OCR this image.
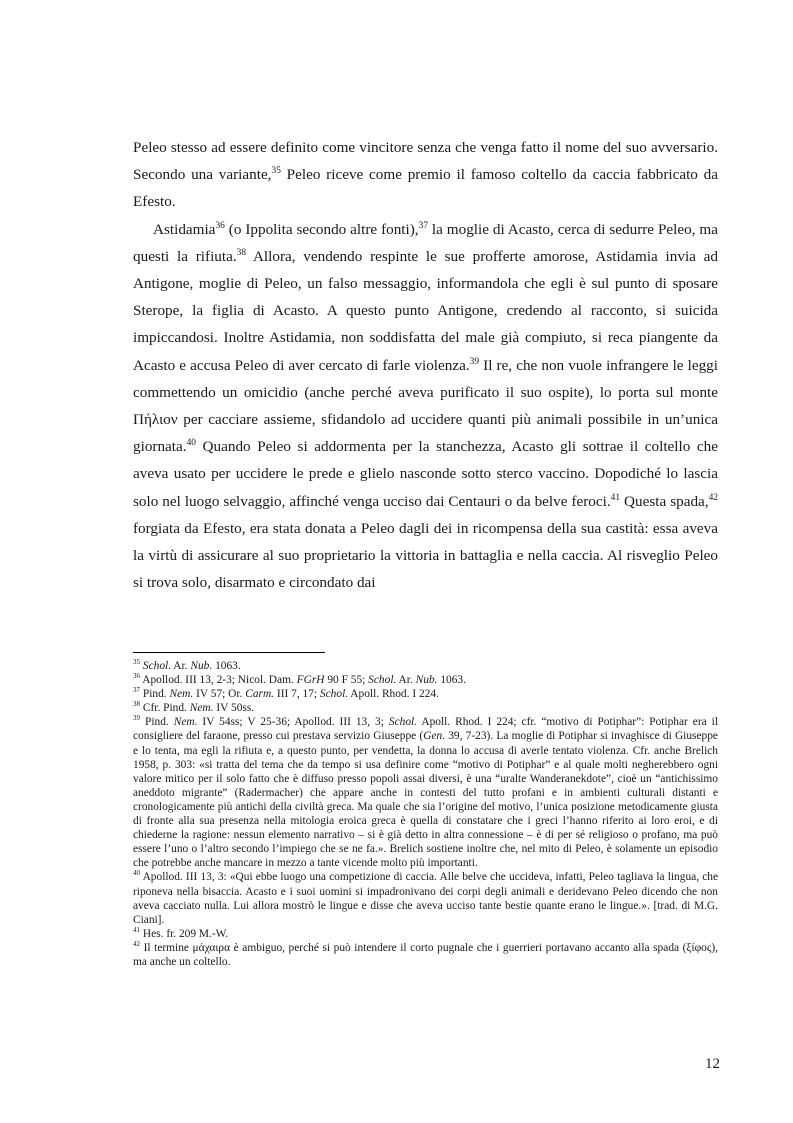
Peleo stesso ad essere definito come vincitore senza che venga fatto il nome del suo avversario. Secondo una variante,$^{35}$ Peleo riceve come premio il famoso coltello da caccia fabbricato da Efesto.

Astidamia$^{36}$ (o Ippolita secondo altre fonti),$^{37}$ la moglie di Acasto, cerca di sedurre Peleo, ma questi la rifiuta.$^{38}$ Allora, vendendo respinte le sue profferte amorose, Astidamia invia ad Antigone, moglie di Peleo, un falso messaggio, informandola che egli è sul punto di sposare Sterope, la figlia di Acasto. A questo punto Antigone, credendo al racconto, si suicida impiccandosi. Inoltre Astidamia, non soddisfatta del male già compiuto, si reca piangente da Acasto e accusa Peleo di aver cercato di farle violenza.$^{39}$ Il re, che non vuole infrangere le leggi commettendo un omicidio (anche perché aveva purificato il suo ospite), lo porta sul monte Πήλιον per cacciare assieme, sfidandolo ad uccidere quanti più animali possibile in un’unica giornata.$^{40}$ Quando Peleo si addormenta per la stanchezza, Acasto gli sottrae il coltello che aveva usato per uccidere le prede e glielo nasconde sotto sterco vaccino. Dopodiché lo lascia solo nel luogo selvaggio, affinché venga ucciso dai Centauri o da belve feroci.$^{41}$ Questa spada,$^{42}$ forgiata da Efesto, era stata donata a Peleo dagli dei in ricompensa della sua castità: essa aveva la virtù di assicurare al suo proprietario la vittoria in battaglia e nella caccia. Al risveglio Peleo si trova solo, disarmato e circondato dai

$^{35}$ Schol. Ar. Nub. 1063.
$^{36}$ Apollod. III 13, 2-3; Nicol. Dam. FGrH 90 F 55; Schol. Ar. Nub. 1063.
$^{37}$ Pind. Nem. IV 57; Or. Carm. III 7, 17; Schol. Apoll. Rhod. I 224.
$^{38}$ Cfr. Pind. Nem. IV 50ss.
$^{39}$ Pind. Nem. IV 54ss; V 25-36; Apollod. III 13, 3; Schol. Apoll. Rhod. I 224; cfr. “motivo di Potiphar”: Potiphar era il consigliere del faraone, presso cui prestava servizio Giuseppe (Gen. 39, 7-23). La moglie di Potiphar si invaghisce di Giuseppe e lo tenta, ma egli la rifiuta e, a questo punto, per vendetta, la donna lo accusa di averle tentato violenza. Cfr. anche Brelich 1958, p. 303: «si tratta del tema che da tempo si usa definire come “motivo di Potiphar” e al quale molti negherebbero ogni valore mitico per il solo fatto che è diffuso presso popoli assai diversi, è una “uralte Wanderanekdote”, cioè un “antichissimo aneddoto migrante” (Radermacher) che appare anche in contesti del tutto profani e in ambienti culturali distanti e cronologicamente più antichi della civiltà greca. Ma quale che sia l’origine del motivo, l’unica posizione metodicamente giusta di fronte alla sua presenza nella mitologia eroica greca è quella di constatare che i greci l’hanno riferito ai loro eroi, e di chiederne la ragione: nessun elemento narrativo – si è già detto in altra connessione – è di per sé religioso o profano, ma può essere l’uno o l’altro secondo l’impiego che se ne fa.». Brelich sostiene inoltre che, nel mito di Peleo, è solamente un episodio che potrebbe anche mancare in mezzo a tante vicende molto più importanti.
$^{40}$ Apollod. III 13, 3: «Qui ebbe luogo una competizione di caccia. Alle belve che uccideva, infatti, Peleo tagliava la lingua, che riponeva nella bisaccia. Acasto e i suoi uomini si impadronivano dei corpi degli animali e deridevano Peleo dicendo che non aveva cacciato nulla. Lui allora mostrò le lingue e disse che aveva ucciso tante bestie quante erano le lingue.». [trad. di M.G. Ciani].
$^{41}$ Hes. fr. 209 M.-W.
$^{42}$ Il termine μάχαιρα è ambiguo, perché si può intendere il corto pugnale che i guerrieri portavano accanto alla spada (ξίφος), ma anche un coltello.
12
